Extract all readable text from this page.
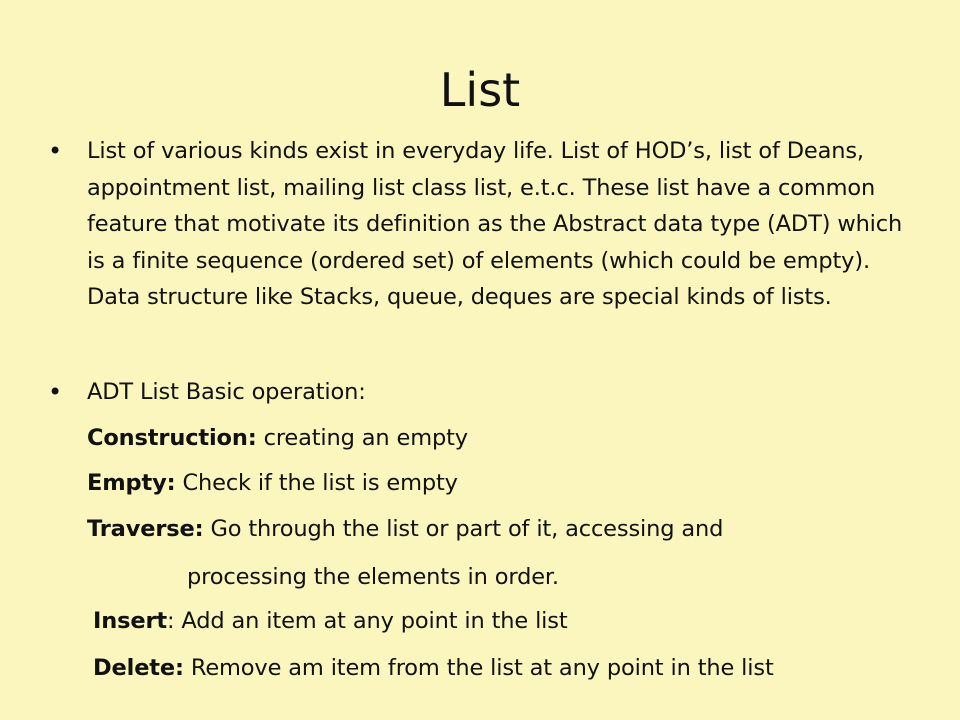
List
• List of various kinds exist in everyday life. List of HOD’s, list of Deans, appointment list, mailing list class list, e.t.c. These list have a common feature that motivate its definition as the Abstract data type (ADT) which is a finite sequence (ordered set) of elements (which could be empty). Data structure like Stacks, queue, deques are special kinds of lists.
• ADT List Basic operation:
Construction: creating an empty
Empty: Check if the list is empty
Traverse: Go through the list or part of it, accessing and
processing the elements in order.
Insert: Add an item at any point in the list
Delete: Remove am item from the list at any point in the list
